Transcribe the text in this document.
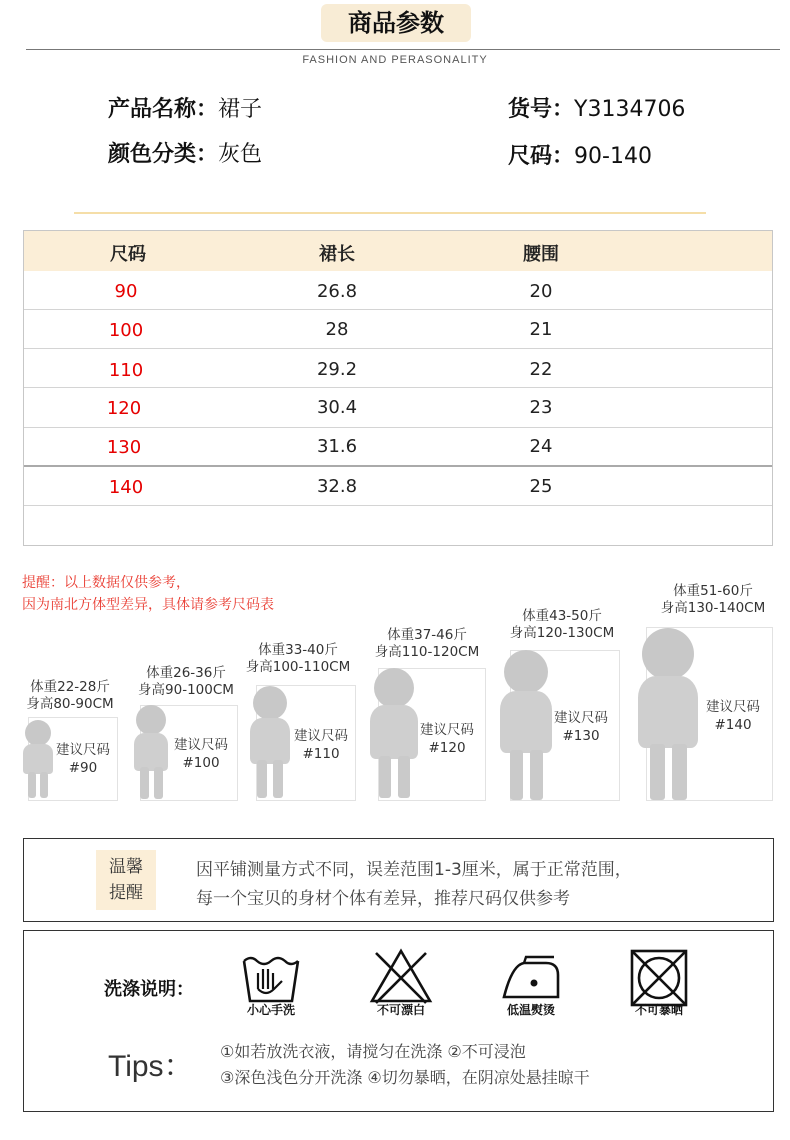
商品参数
FASHION AND PERASONALITY
产品名称：裙子	货号：Y3134706
颜色分类：灰色	尺码：90-140
尺码	裙长	腰围
90	26.8	20
100	28	21
110	29.2	22
120	30.4	23
130	31.6	24
140	32.8	25
提醒：以上数据仅供参考，
因为南北方体型差异，具体请参考尺码表
体重22-28斤
身高80-90CM
建议尺码
#90
体重26-36斤
身高90-100CM
建议尺码
#100
体重33-40斤
身高100-110CM
建议尺码
#110
体重37-46斤
身高110-120CM
建议尺码
#120
体重43-50斤
身高120-130CM
建议尺码
#130
体重51-60斤
身高130-140CM
建议尺码
#140
温馨
提醒
因平铺测量方式不同，误差范围1-3厘米，属于正常范围，
每一个宝贝的身材个体有差异，推荐尺码仅供参考
洗涤说明：
小心手洗	不可漂白	低温熨烫	不可暴晒
Tips： ①如若放洗衣液，请搅匀在洗涤 ②不可浸泡
③深色浅色分开洗涤 ④切勿暴晒，在阴凉处悬挂晾干
